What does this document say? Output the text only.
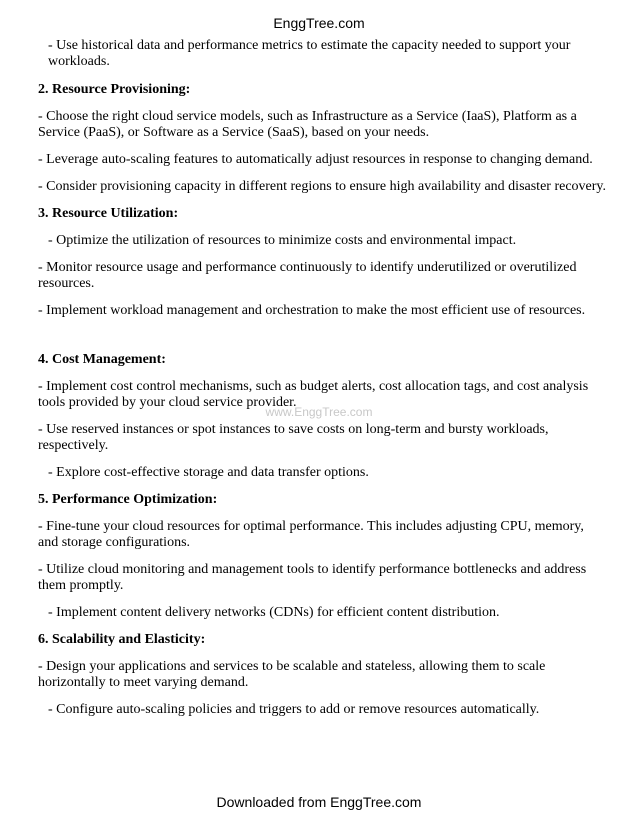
EnggTree.com
www.EnggTree.com

- Use historical data and performance metrics to estimate the capacity needed to support your workloads.

2. Resource Provisioning:

- Choose the right cloud service models, such as Infrastructure as a Service (IaaS), Platform as a Service (PaaS), or Software as a Service (SaaS), based on your needs.

- Leverage auto-scaling features to automatically adjust resources in response to changing demand.

- Consider provisioning capacity in different regions to ensure high availability and disaster recovery.

3. Resource Utilization:

- Optimize the utilization of resources to minimize costs and environmental impact.

- Monitor resource usage and performance continuously to identify underutilized or overutilized resources.

- Implement workload management and orchestration to make the most efficient use of resources.

4. Cost Management:

- Implement cost control mechanisms, such as budget alerts, cost allocation tags, and cost analysis tools provided by your cloud service provider.

- Use reserved instances or spot instances to save costs on long-term and bursty workloads, respectively.

- Explore cost-effective storage and data transfer options.

5. Performance Optimization:

- Fine-tune your cloud resources for optimal performance. This includes adjusting CPU, memory, and storage configurations.

- Utilize cloud monitoring and management tools to identify performance bottlenecks and address them promptly.

- Implement content delivery networks (CDNs) for efficient content distribution.

6. Scalability and Elasticity:

- Design your applications and services to be scalable and stateless, allowing them to scale horizontally to meet varying demand.

- Configure auto-scaling policies and triggers to add or remove resources automatically.

Downloaded from EnggTree.com
